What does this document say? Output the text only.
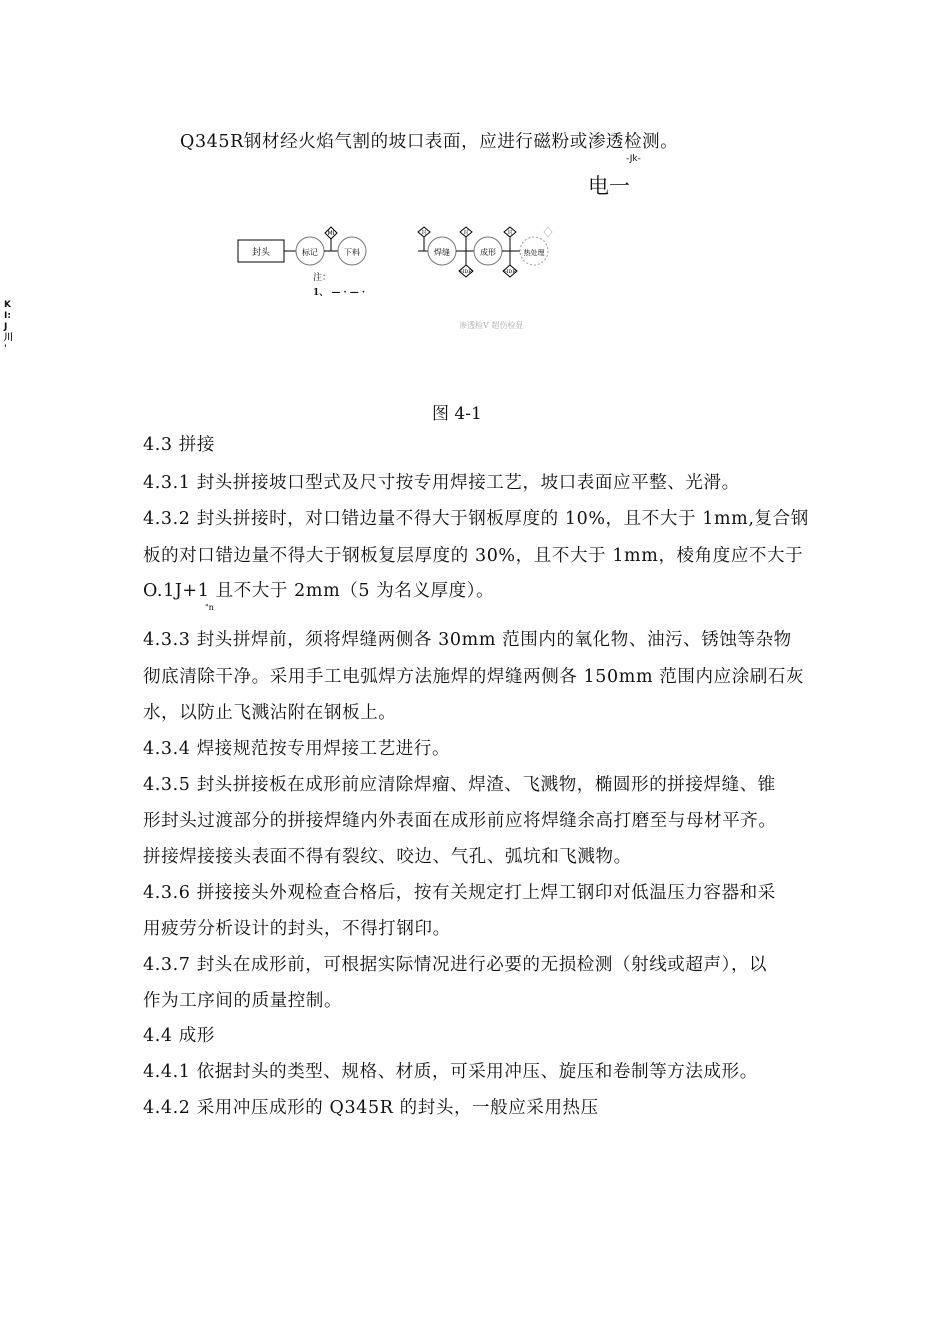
Q345R钢材经火焰气割的坡口表面，应进行磁粉或渗透检测。
-Jk-
电一
K
I:
J
川
'
封头	标记
MI
下料
封
焊缝
封
HDR
成形
封
HDR
热处理
注：
1、 — · — ·
渗透检V 超伤检显
图 4-1
4.3 拼接
4.3.1 封头拼接坡口型式及尺寸按专用焊接工艺，坡口表面应平整、光滑。
4.3.2 封头拼接时，对口错边量不得大于钢板厚度的 10%，且不大于 1mm,复合钢
板的对口错边量不得大于钢板复层厚度的 30%，且不大于 1mm，棱角度应不大于
O.1J+1 且不大于 2mm（5 为名义厚度）。
"n
4.3.3 封头拼焊前，须将焊缝两侧各 30mm 范围内的氧化物、油污、锈蚀等杂物
彻底清除干净。采用手工电弧焊方法施焊的焊缝两侧各 150mm 范围内应涂刷石灰
水，以防止飞溅沾附在钢板上。
4.3.4 焊接规范按专用焊接工艺进行。
4.3.5 封头拼接板在成形前应清除焊瘤、焊渣、飞溅物，椭圆形的拼接焊缝、锥
形封头过渡部分的拼接焊缝内外表面在成形前应将焊缝余高打磨至与母材平齐。
拼接焊接接头表面不得有裂纹、咬边、气孔、弧坑和飞溅物。
4.3.6 拼接接头外观检查合格后，按有关规定打上焊工钢印对低温压力容器和采
用疲劳分析设计的封头，不得打钢印。
4.3.7 封头在成形前，可根据实际情况进行必要的无损检测（射线或超声），以
作为工序间的质量控制。
4.4 成形
4.4.1 依据封头的类型、规格、材质，可采用冲压、旋压和卷制等方法成形。
4.4.2 采用冲压成形的 Q345R 的封头，一般应采用热压
